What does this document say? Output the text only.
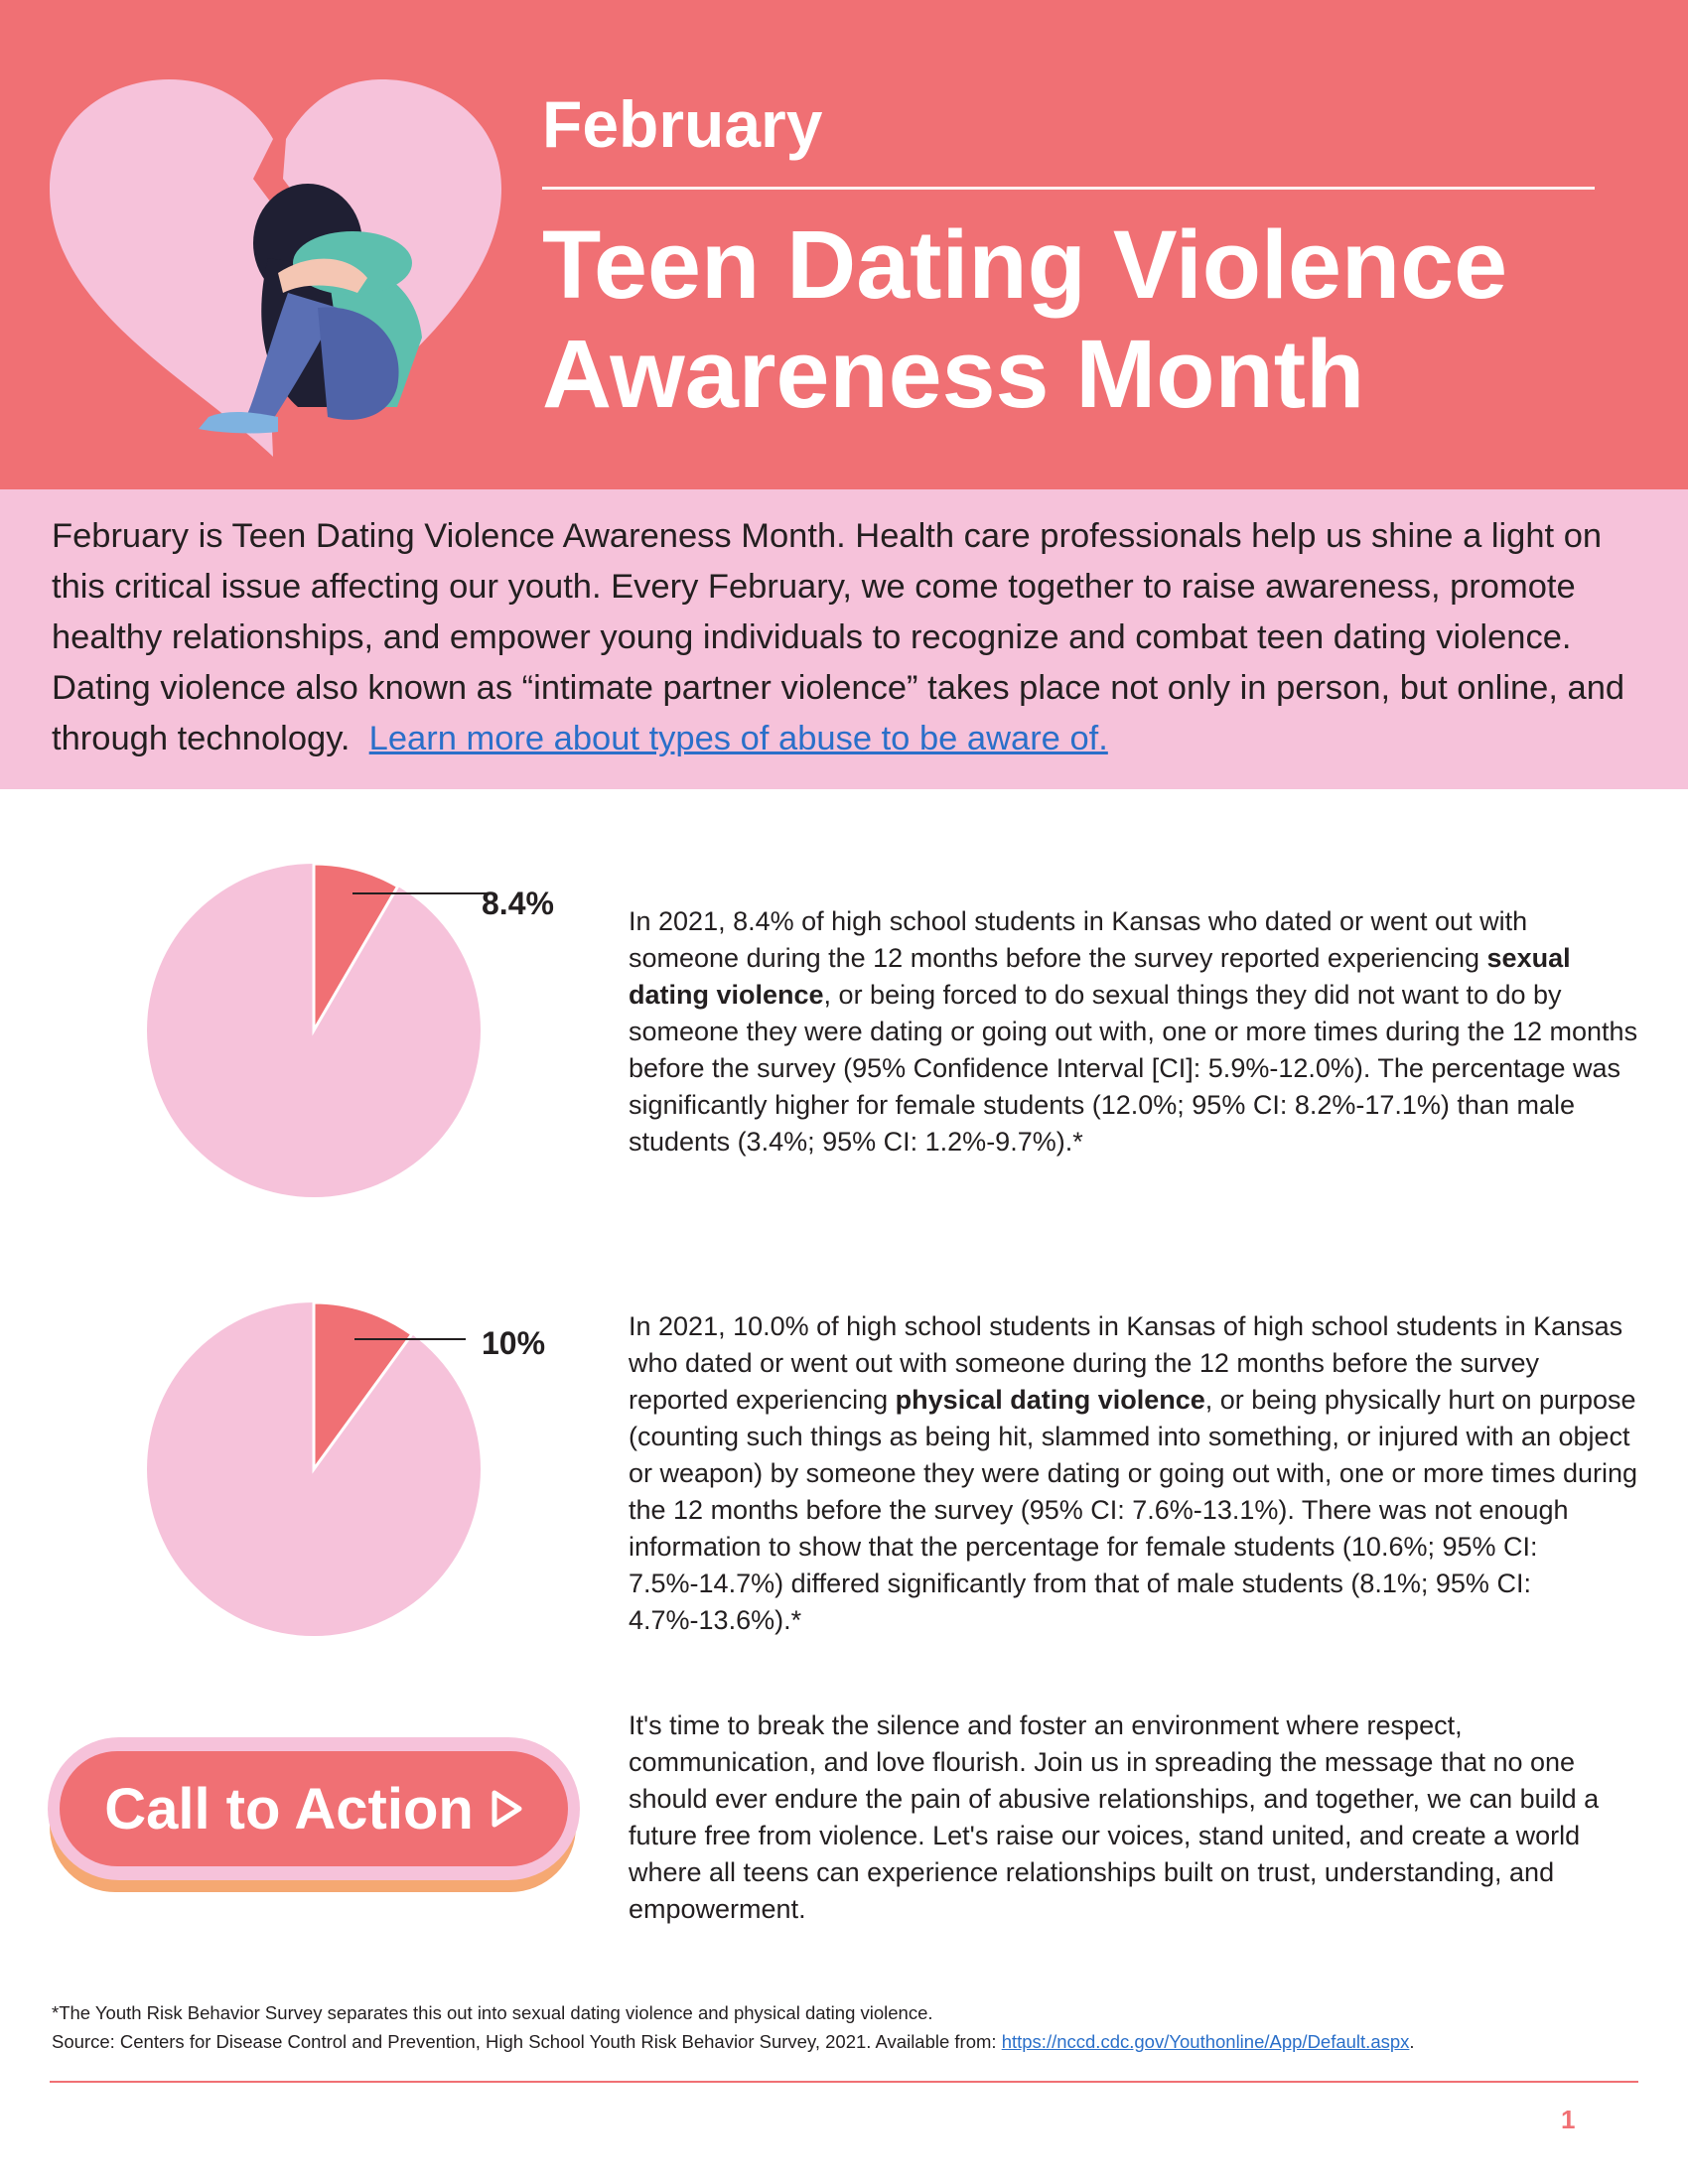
February
Teen Dating Violence
Awareness Month

February is Teen Dating Violence Awareness Month. Health care professionals help us shine a light on this critical issue affecting our youth. Every February, we come together to raise awareness, promote healthy relationships, and empower young individuals to recognize and combat teen dating violence. Dating violence also known as “intimate partner violence” takes place not only in person, but online, and through technology. Learn more about types of abuse to be aware of.

8.4%	In 2021, 8.4% of high school students in Kansas who dated or went out with someone during the 12 months before the survey reported experiencing sexual dating violence, or being forced to do sexual things they did not want to do by someone they were dating or going out with, one or more times during the 12 months before the survey (95% Confidence Interval [CI]: 5.9%-12.0%). The percentage was significantly higher for female students (12.0%; 95% CI: 8.2%-17.1%) than male students (3.4%; 95% CI: 1.2%-9.7%).*

10%	In 2021, 10.0% of high school students in Kansas of high school students in Kansas who dated or went out with someone during the 12 months before the survey reported experiencing physical dating violence, or being physically hurt on purpose (counting such things as being hit, slammed into something, or injured with an object or weapon) by someone they were dating or going out with, one or more times during the 12 months before the survey (95% CI: 7.6%-13.1%). There was not enough information to show that the percentage for female students (10.6%; 95% CI: 7.5%-14.7%) differed significantly from that of male students (8.1%; 95% CI: 4.7%-13.6%).*

Call to Action

It's time to break the silence and foster an environment where respect, communication, and love flourish. Join us in spreading the message that no one should ever endure the pain of abusive relationships, and together, we can build a future free from violence. Let's raise our voices, stand united, and create a world where all teens can experience relationships built on trust, understanding, and empowerment.

*The Youth Risk Behavior Survey separates this out into sexual dating violence and physical dating violence.
Source: Centers for Disease Control and Prevention, High School Youth Risk Behavior Survey, 2021. Available from: https://nccd.cdc.gov/Youthonline/App/Default.aspx.

1
